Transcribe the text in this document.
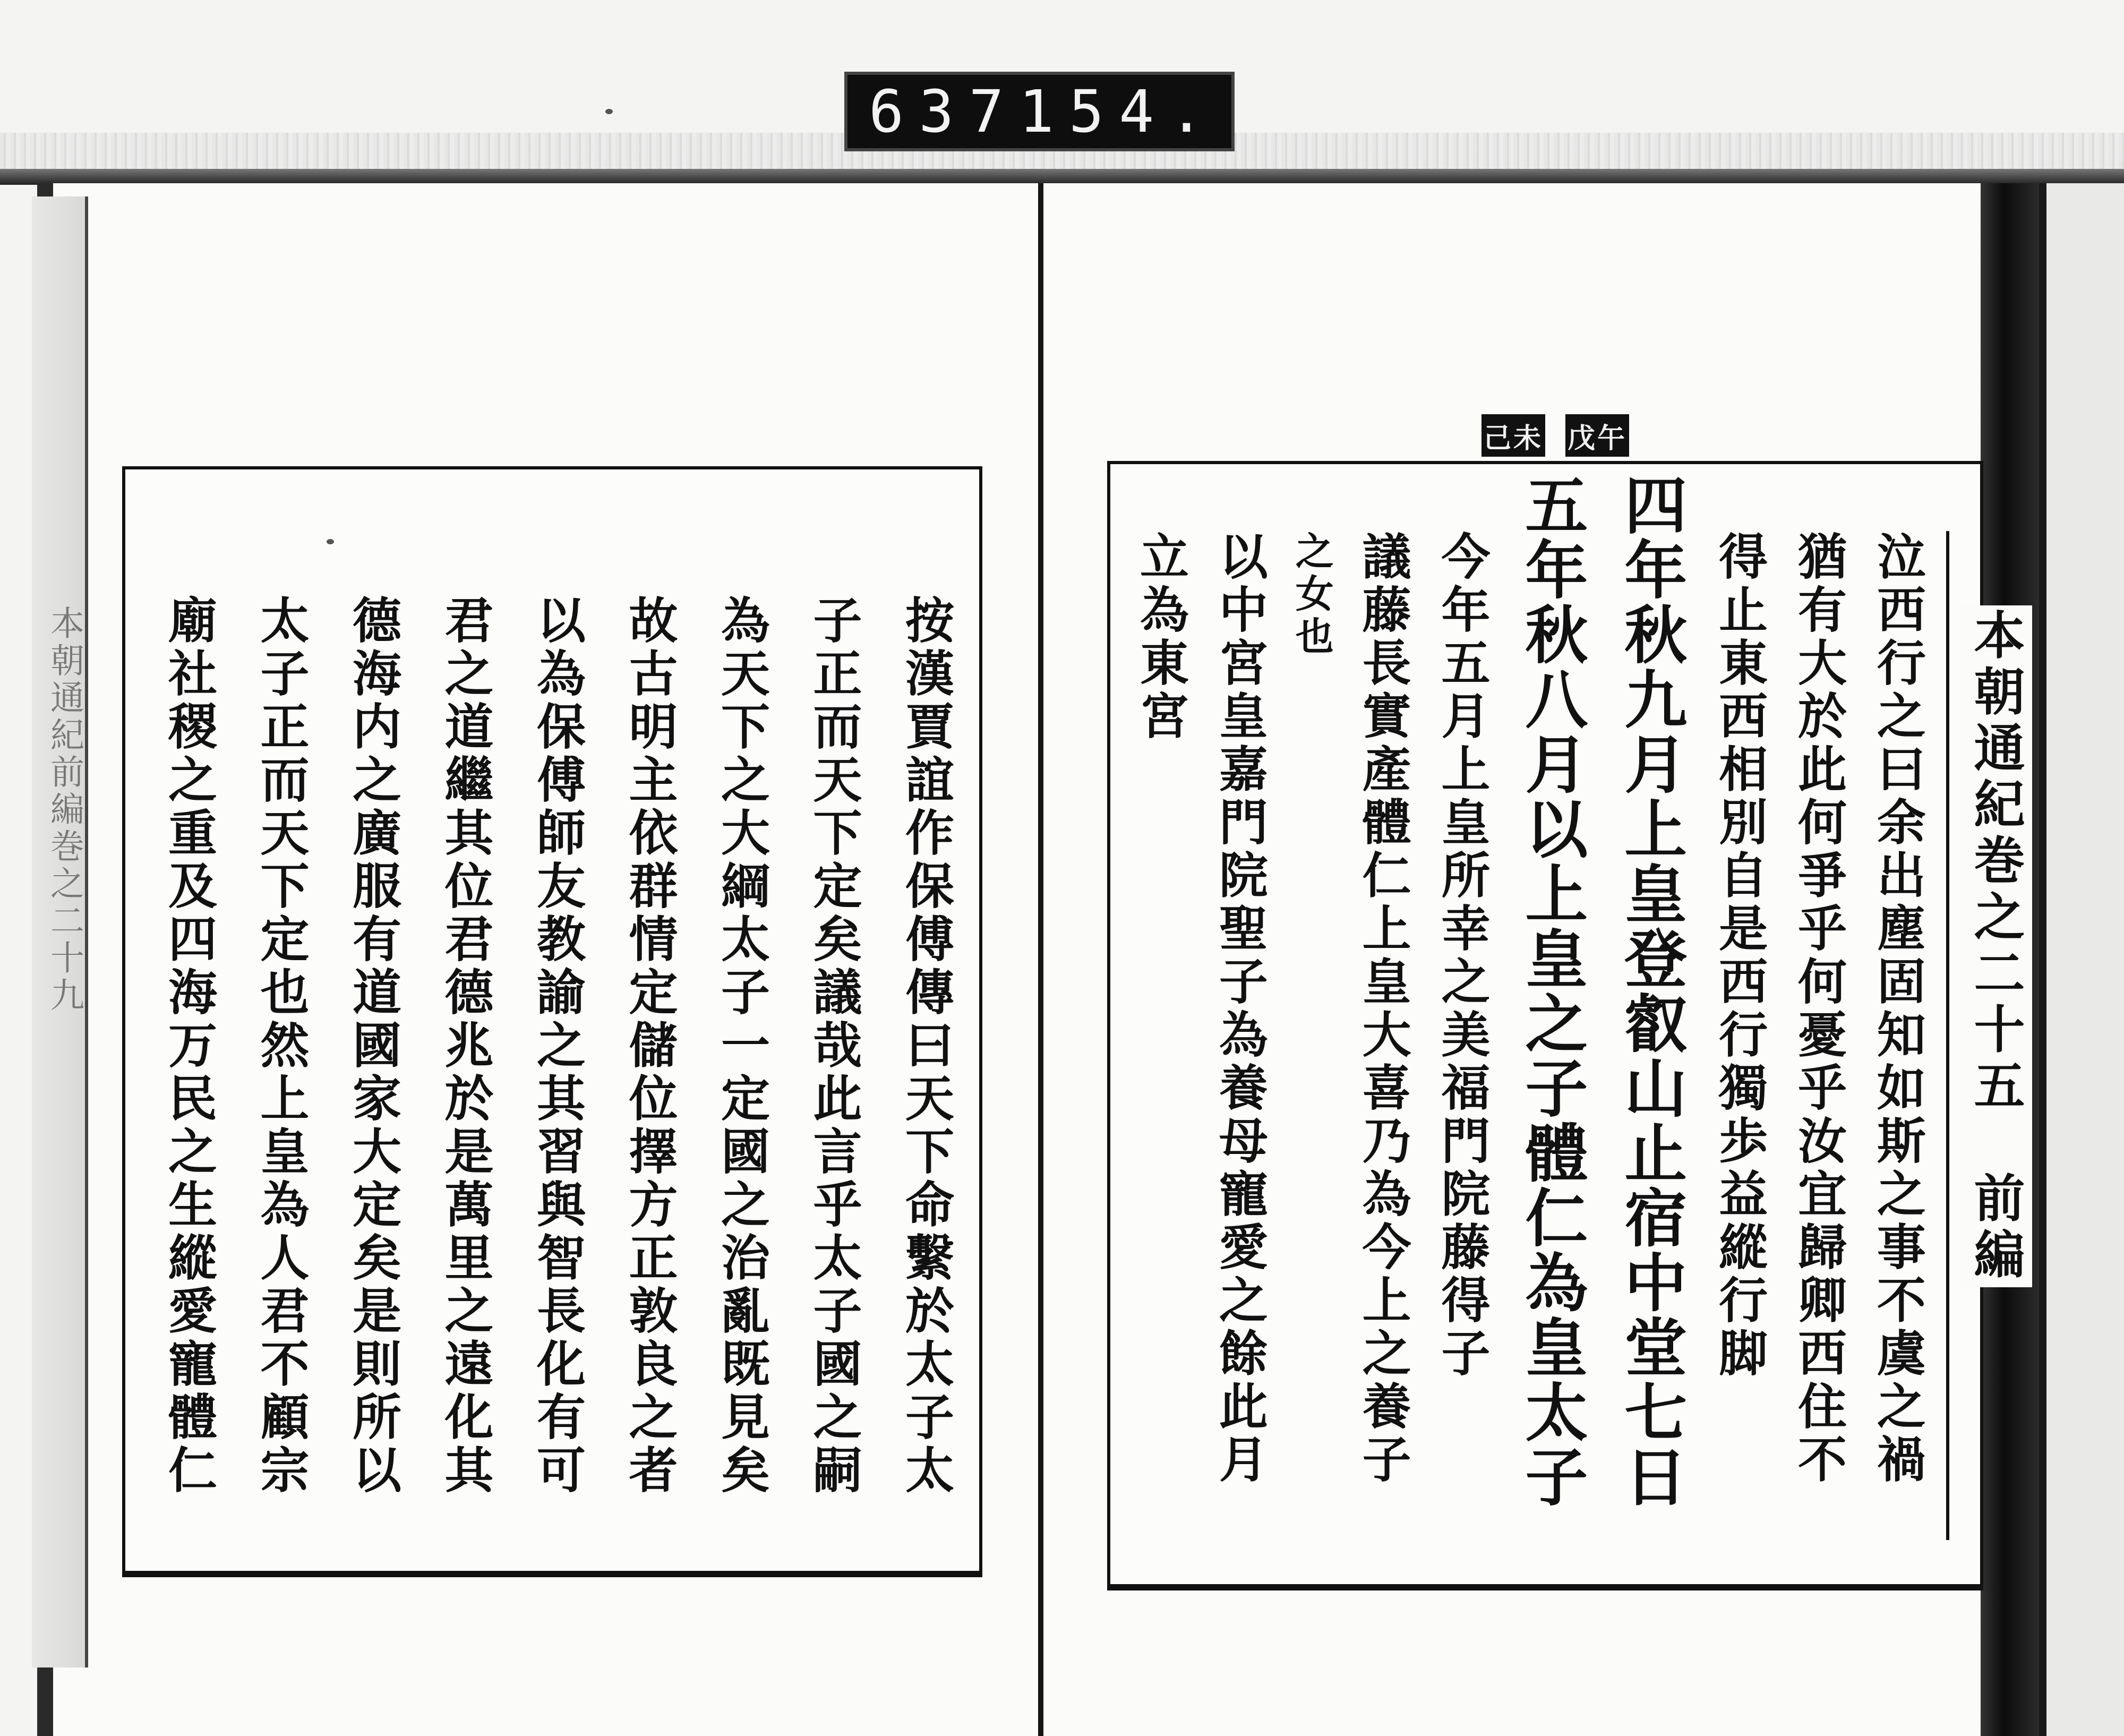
637 154.
本朝通紀前編巻之二十九	按漢賈誼作保傅傳曰天下命繫於太子太
子正而天下定矣議哉此言乎太子國之嗣
為天下之大綱太子一定國之治亂既見矣
故古明主依群情定儲位擇方正敦良之者
以為保傅師友教諭之其習與智長化有可
君之道繼其位君德兆於是萬里之遠化其
德海内之廣服有道國家大定矣是則所以
太子正而天下定也然上皇為人君不顧宗
廟社稷之重及四海万民之生縱愛寵體仁
戊午
己未
泣西行之曰余出塵固知如斯之事不虞之禍
猶有大於此何爭乎何憂乎汝宜歸卿西住不
得止東西相別自是西行獨歩益縱行脚
四年秋九月上皇登叡山止宿中堂七日
五年秋八月以上皇之子體仁為皇太子
今年五月上皇所幸之美福門院藤得子
議藤長實產體仁上皇大喜乃為今上之養子
之女也
以中宮皇嘉門院聖子為養母寵愛之餘此月
立為東宮	本朝通紀巻之二十五　前編
